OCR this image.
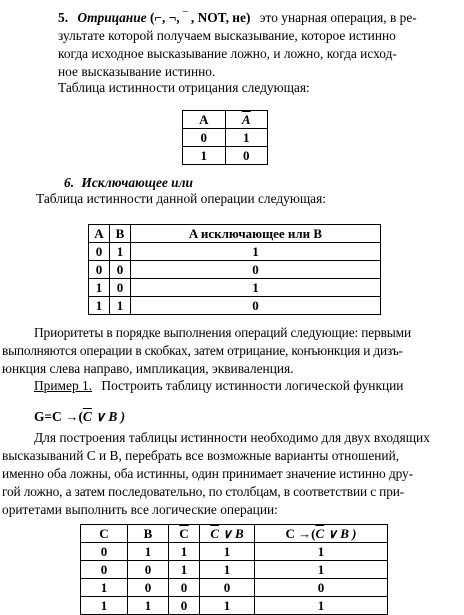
5. Отрицание (⌐, ¬, ‾ , NOT, не) это унарная операция, в ре-
зультате которой получаем высказывание, которое истинно
когда исходное высказывание ложно, и ложно, когда исход-
ное высказывание истинно.
Таблица истинности отрицания следующая:
A	$\overline{A}$
0	1
1	0
6. Исключающее или
Таблица истинности данной операции следующая:
A	B	A исключающее или B
0	1	1
0	0	0
1	0	1
1	1	0
Приоритеты в порядке выполнения операций следующие: первыми
выполняются операции в скобках, затем отрицание, конъюнкция и дизъ-
юнкция слева направо, импликация, эквиваленция.
Пример 1. Построить таблицу истинности логической функции
$G=C \to(\overline{C}$ ∨ B )
Для построения таблицы истинности необходимо для двух входящих
высказываний С и В, перебрать все возможные варианты отношений,
именно оба ложны, оба истинны, один принимает значение истинно дру-
гой ложно, а затем последовательно, по столбцам, в соответствии с при-
оритетами выполнить все логические операции:
C	B	$\overline{C}$	$\overline{C}$ ∨ B	$C \to(\overline{C}$ ∨ B )
0	1	1	1	1
0	0	1	1	1
1	0	0	0	0
1	1	0	1	1
